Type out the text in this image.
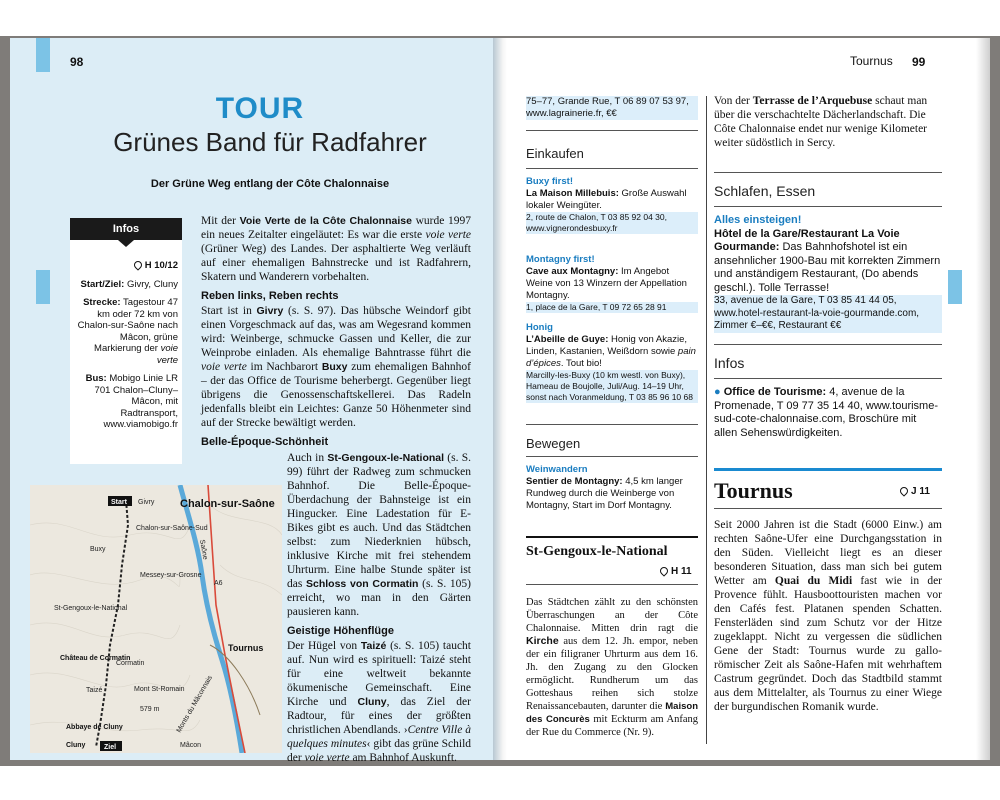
98
TOUR
Grünes Band für Radfahrer
Der Grüne Weg entlang der Côte Chalonnaise
Infos

H 10/12

Start/Ziel: Givry, Cluny

Strecke: Tagestour 47 km oder 72 km von Chalon-sur-Saône nach Mâcon, grüne Markierung der voie verte

Bus: Mobigo Linie LR 701 Chalon–Cluny–Mâcon, mit Radtransport, www.viamobigo.fr

Mit der Voie Verte de la Côte Chalonnaise wurde 1997 ein neues Zeitalter eingeläutet: Es war die erste voie verte (Grüner Weg) des Landes. Der asphaltierte Weg verläuft auf einer ehemaligen Bahnstrecke und ist Radfahrern, Skatern und Wanderern vorbehalten.

Reben links, Reben rechts

Start ist in Givry (s. S. 97). Das hübsche Weindorf gibt einen Vorgeschmack auf das, was am Wegesrand kommen wird: Weinberge, schmucke Gassen und Keller, die zur Weinprobe einladen. Als ehemalige Bahntrasse führt die voie verte im Nachbarort Buxy zum ehemaligen Bahnhof – der das Office de Tourisme beherbergt. Gegenüber liegt übrigens die Genossenschaftskellerei. Das Radeln jedenfalls bleibt ein Leichtes: Ganze 50 Höhenmeter sind auf der Strecke bewältigt werden.

Belle-Époque-Schönheit

Auch in St-Gengoux-le-National (s. S. 99) führt der Radweg zum schmucken Bahnhof. Die Belle-Époque-Überdachung der Bahnsteige ist ein Hingucker. Eine Ladestation für E-Bikes gibt es auch. Und das Städtchen selbst: zum Niederknien hübsch, inklusive Kirche mit frei stehendem Uhrturm. Eine halbe Stunde später ist das Schloss von Cormatin (s. S. 105) erreicht, wo man in den Gärten pausieren kann.

Geistige Höhenflüge

Der Hügel von Taizé (s. S. 105) taucht auf. Nun wird es spirituell: Taizé steht für eine weltweit bekannte ökumenische Gemeinschaft. Eine Kirche und Cluny, das Ziel der Radtour, für eines der größten christlichen Abendlands. ›Centre Ville à quelques minutes‹ gibt das grüne Schild der voie verte am Bahnhof Auskunft.

Start
Ziel
Givry Chalon-sur-Saône
Chalon-sur-Saône-Sud
Buxy
Messey-sur-Grosne
St-Gengoux-le-National
Château de Cormatin
Cormatin
Taizé	Mont St-Romain
579 m
Abbaye de Cluny
Cluny
Tournus
Monts du Mâconnais
Mâcon
Saône
A6
Tournus 99
75–77, Grande Rue, T 06 89 07 53 97, www.lagrainerie.fr, €€
Einkaufen

Buxy first!

La Maison Millebuis: Große Auswahl lokaler Weingüter.

2, route de Chalon, T 03 85 92 04 30, www.vignerondesbuxy.fr

Montagny first!

Cave aux Montagny: Im Angebot Weine von 13 Winzern der Appellation Montagny.

1, place de la Gare, T 09 72 65 28 91

Honig

L’Abeille de Guye: Honig von Akazie, Linden, Kastanien, Weißdorn sowie pain d’épices. Tout bio!

Marcilly-les-Buxy (10 km westl. von Buxy), Hameau de Boujolle, Juli/Aug. 14–19 Uhr, sonst nach Voranmeldung, T 03 85 96 10 68

Bewegen

Weinwandern

Sentier de Montagny: 4,5 km langer Rundweg durch die Weinberge von Montagny, Start im Dorf Montagny.

St-Gengoux-le-National
H 11
Das Städtchen zählt zu den schönsten Überraschungen an der Côte Chalonnaise. Mitten drin ragt die Kirche aus dem 12. Jh. empor, neben der ein filigraner Uhrturm aus dem 16. Jh. den Zugang zu den Glocken ermöglicht. Rundherum um das Gotteshaus reihen sich stolze Renaissancebauten, darunter die Maison des Concurès mit Eckturm am Anfang der Rue du Commerce (Nr. 9).
Von der Terrasse de l’Arquebuse schaut man über die verschachtelte Dächerlandschaft. Die Côte Chalonnaise endet nur wenige Kilometer weiter südöstlich in Sercy.
Schlafen, Essen

Alles einsteigen!

Hôtel de la Gare/Restaurant La Voie Gourmande: Das Bahnhofshotel ist ein ansehnlicher 1900-Bau mit korrekten Zimmern und anständigem Restaurant, (Do abends geschl.). Tolle Terrasse!

33, avenue de la Gare, T 03 85 41 44 05, www.hotel-restaurant-la-voie-gourmande.com, Zimmer €–€€, Restaurant €€

Infos

● Office de Tourisme: 4, avenue de la Promenade, T 09 77 35 14 40, www.tourisme-sud-cote-chalonnaise.com, Broschüre mit allen Sehenswürdigkeiten.

Tournus	J 11
Seit 2000 Jahren ist die Stadt (6000 Einw.) am rechten Saône-Ufer eine Durchgangsstation in den Süden. Vielleicht liegt es an dieser besonderen Situation, dass man sich bei gutem Wetter am Quai du Midi fast wie in der Provence fühlt. Hausboottouristen machen vor den Cafés fest. Platanen spenden Schatten. Fensterläden sind zum Schutz vor der Hitze zugeklappt. Nicht zu vergessen die südlichen Gene der Stadt: Tournus wurde zu gallo-römischer Zeit als Saône-Hafen mit wehrhaftem Castrum gegründet. Doch das Stadtbild stammt aus dem Mittelalter, als Tournus zu einer Wiege der burgundischen Romanik wurde.
